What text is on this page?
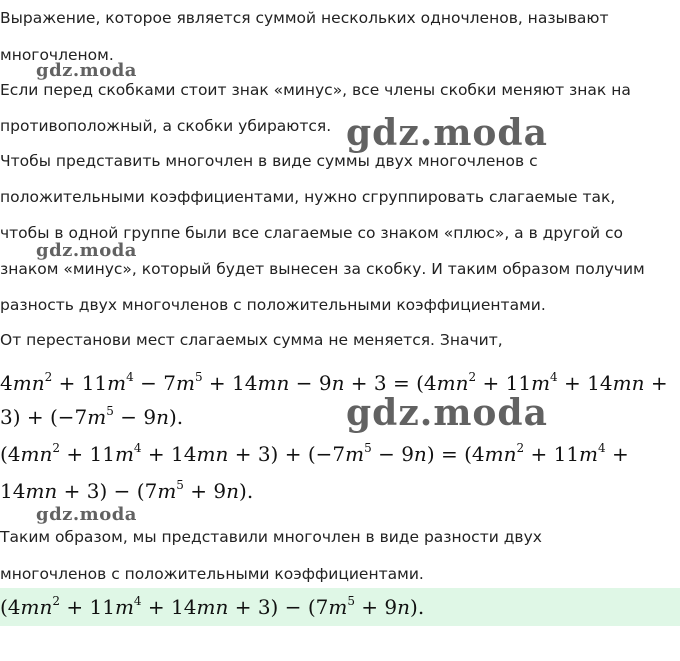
Выражение, которое является суммой нескольких одночленов, называют
многочленом.
Если перед скобками стоит знак «минус», все члены скобки меняют знак на
противоположный, а скобки убираются.
Чтобы представить многочлен в виде суммы двух многочленов с
положительными коэффициентами, нужно сгруппировать слагаемые так,
чтобы в одной группе были все слагаемые со знаком «плюс», а в другой со
знаком «минус», который будет вынесен за скобку. И таким образом получим
разность двух многочленов с положительными коэффициентами.
От перестанови мест слагаемых сумма не меняется. Значит,
$4mn^2 + 11m^4 - 7m^5 + 14mn - 9n + 3 = (4mn^2 + 11m^4 + 14mn$ +
$3) + (-7m^5 - 9n)$.
$(4mn^2 + 11m^4 + 14mn + 3) + (-7m^5 - 9n) = (4mn^2 + 11m^4$ +
$14mn + 3) - (7m^5 + 9n)$.
Таким образом, мы представили многочлен в виде разности двух
многочленов с положительными коэффициентами.
$(4mn^2 + 11m^4 + 14mn + 3) - (7m^5 + 9n)$.
gdz.moda
gdz.moda
gdz.moda
gdz.moda
gdz.moda
